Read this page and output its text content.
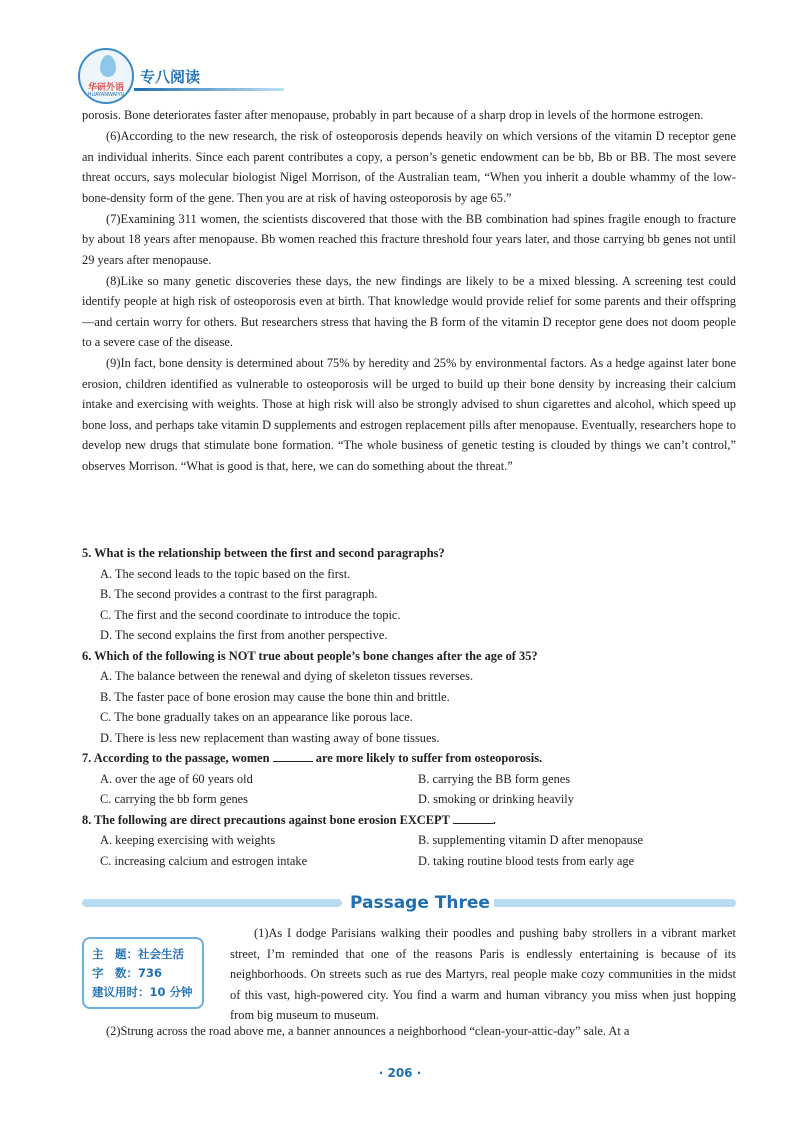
华研外语
HUAYANWAIYU
专八阅读

porosis. Bone deteriorates faster after menopause, probably in part because of a sharp drop in levels of the hormone estrogen.

(6)According to the new research, the risk of osteoporosis depends heavily on which versions of the vitamin D receptor gene an individual inherits. Since each parent contributes a copy, a person’s genetic endowment can be bb, Bb or BB. The most severe threat occurs, says molecular biologist Nigel Morrison, of the Australian team, “When you inherit a double whammy of the low-bone-density form of the gene. Then you are at risk of having osteoporosis by age 65.”

(7)Examining 311 women, the scientists discovered that those with the BB combination had spines fragile enough to fracture by about 18 years after menopause. Bb women reached this fracture threshold four years later, and those carrying bb genes not until 29 years after menopause.

(8)Like so many genetic discoveries these days, the new findings are likely to be a mixed blessing. A screening test could identify people at high risk of osteoporosis even at birth. That knowledge would provide relief for some parents and their offspring—and certain worry for others. But researchers stress that having the B form of the vitamin D receptor gene does not doom people to a severe case of the disease.

(9)In fact, bone density is determined about 75% by heredity and 25% by environmental factors. As a hedge against later bone erosion, children identified as vulnerable to osteoporosis will be urged to build up their bone density by increasing their calcium intake and exercising with weights. Those at high risk will also be strongly advised to shun cigarettes and alcohol, which speed up bone loss, and perhaps take vitamin D supplements and estrogen replacement pills after menopause. Eventually, researchers hope to develop new drugs that stimulate bone formation. “The whole business of genetic testing is clouded by things we can’t control,” observes Morrison. “What is good is that, here, we can do something about the threat.”

5. What is the relationship between the first and second paragraphs?

A. The second leads to the topic based on the first.

B. The second provides a contrast to the first paragraph.

C. The first and the second coordinate to introduce the topic.

D. The second explains the first from another perspective.

6. Which of the following is NOT true about people’s bone changes after the age of 35?

A. The balance between the renewal and dying of skeleton tissues reverses.

B. The faster pace of bone erosion may cause the bone thin and brittle.

C. The bone gradually takes on an appearance like porous lace.

D. There is less new replacement than wasting away of bone tissues.

7. According to the passage, women	are more likely to suffer from osteoporosis.

A. over the age of 60 years old	B. carrying the BB form genes
C. carrying the bb form genes	D. smoking or drinking heavily

8. The following are direct precautions against bone erosion EXCEPT	.

A. keeping exercising with weights	B. supplementing vitamin D after menopause
C. increasing calcium and estrogen intake	D. taking routine blood tests from early age
Passage Three
主　题：社会生活
字　数：736
建议用时：10 分钟

(1)As I dodge Parisians walking their poodles and pushing baby strollers in a vibrant market street, I’m reminded that one of the reasons Paris is endlessly entertaining is because of its neighborhoods. On streets such as rue des Martyrs, real people make cozy communities in the midst of this vast, high-powered city. You find a warm and human vibrancy you miss when just hopping from big museum to museum.

(2)Strung across the road above me, a banner announces a neighborhood “clean-your-attic-day” sale. At a

· 206 ·
